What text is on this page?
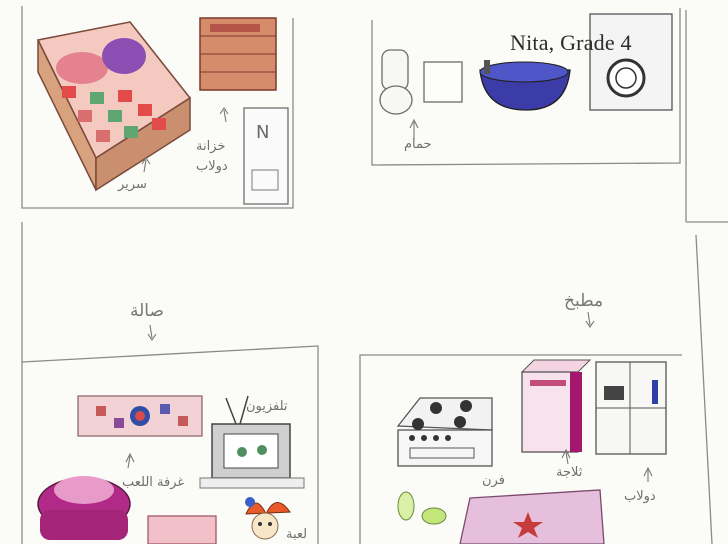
Nita, Grade 4
N
سرير
خزانة
دولاب
حمام
صالة	مطبخ
تلفزيون
غرفة اللعب
لعبة
فرن
ثلاجة
دولاب
